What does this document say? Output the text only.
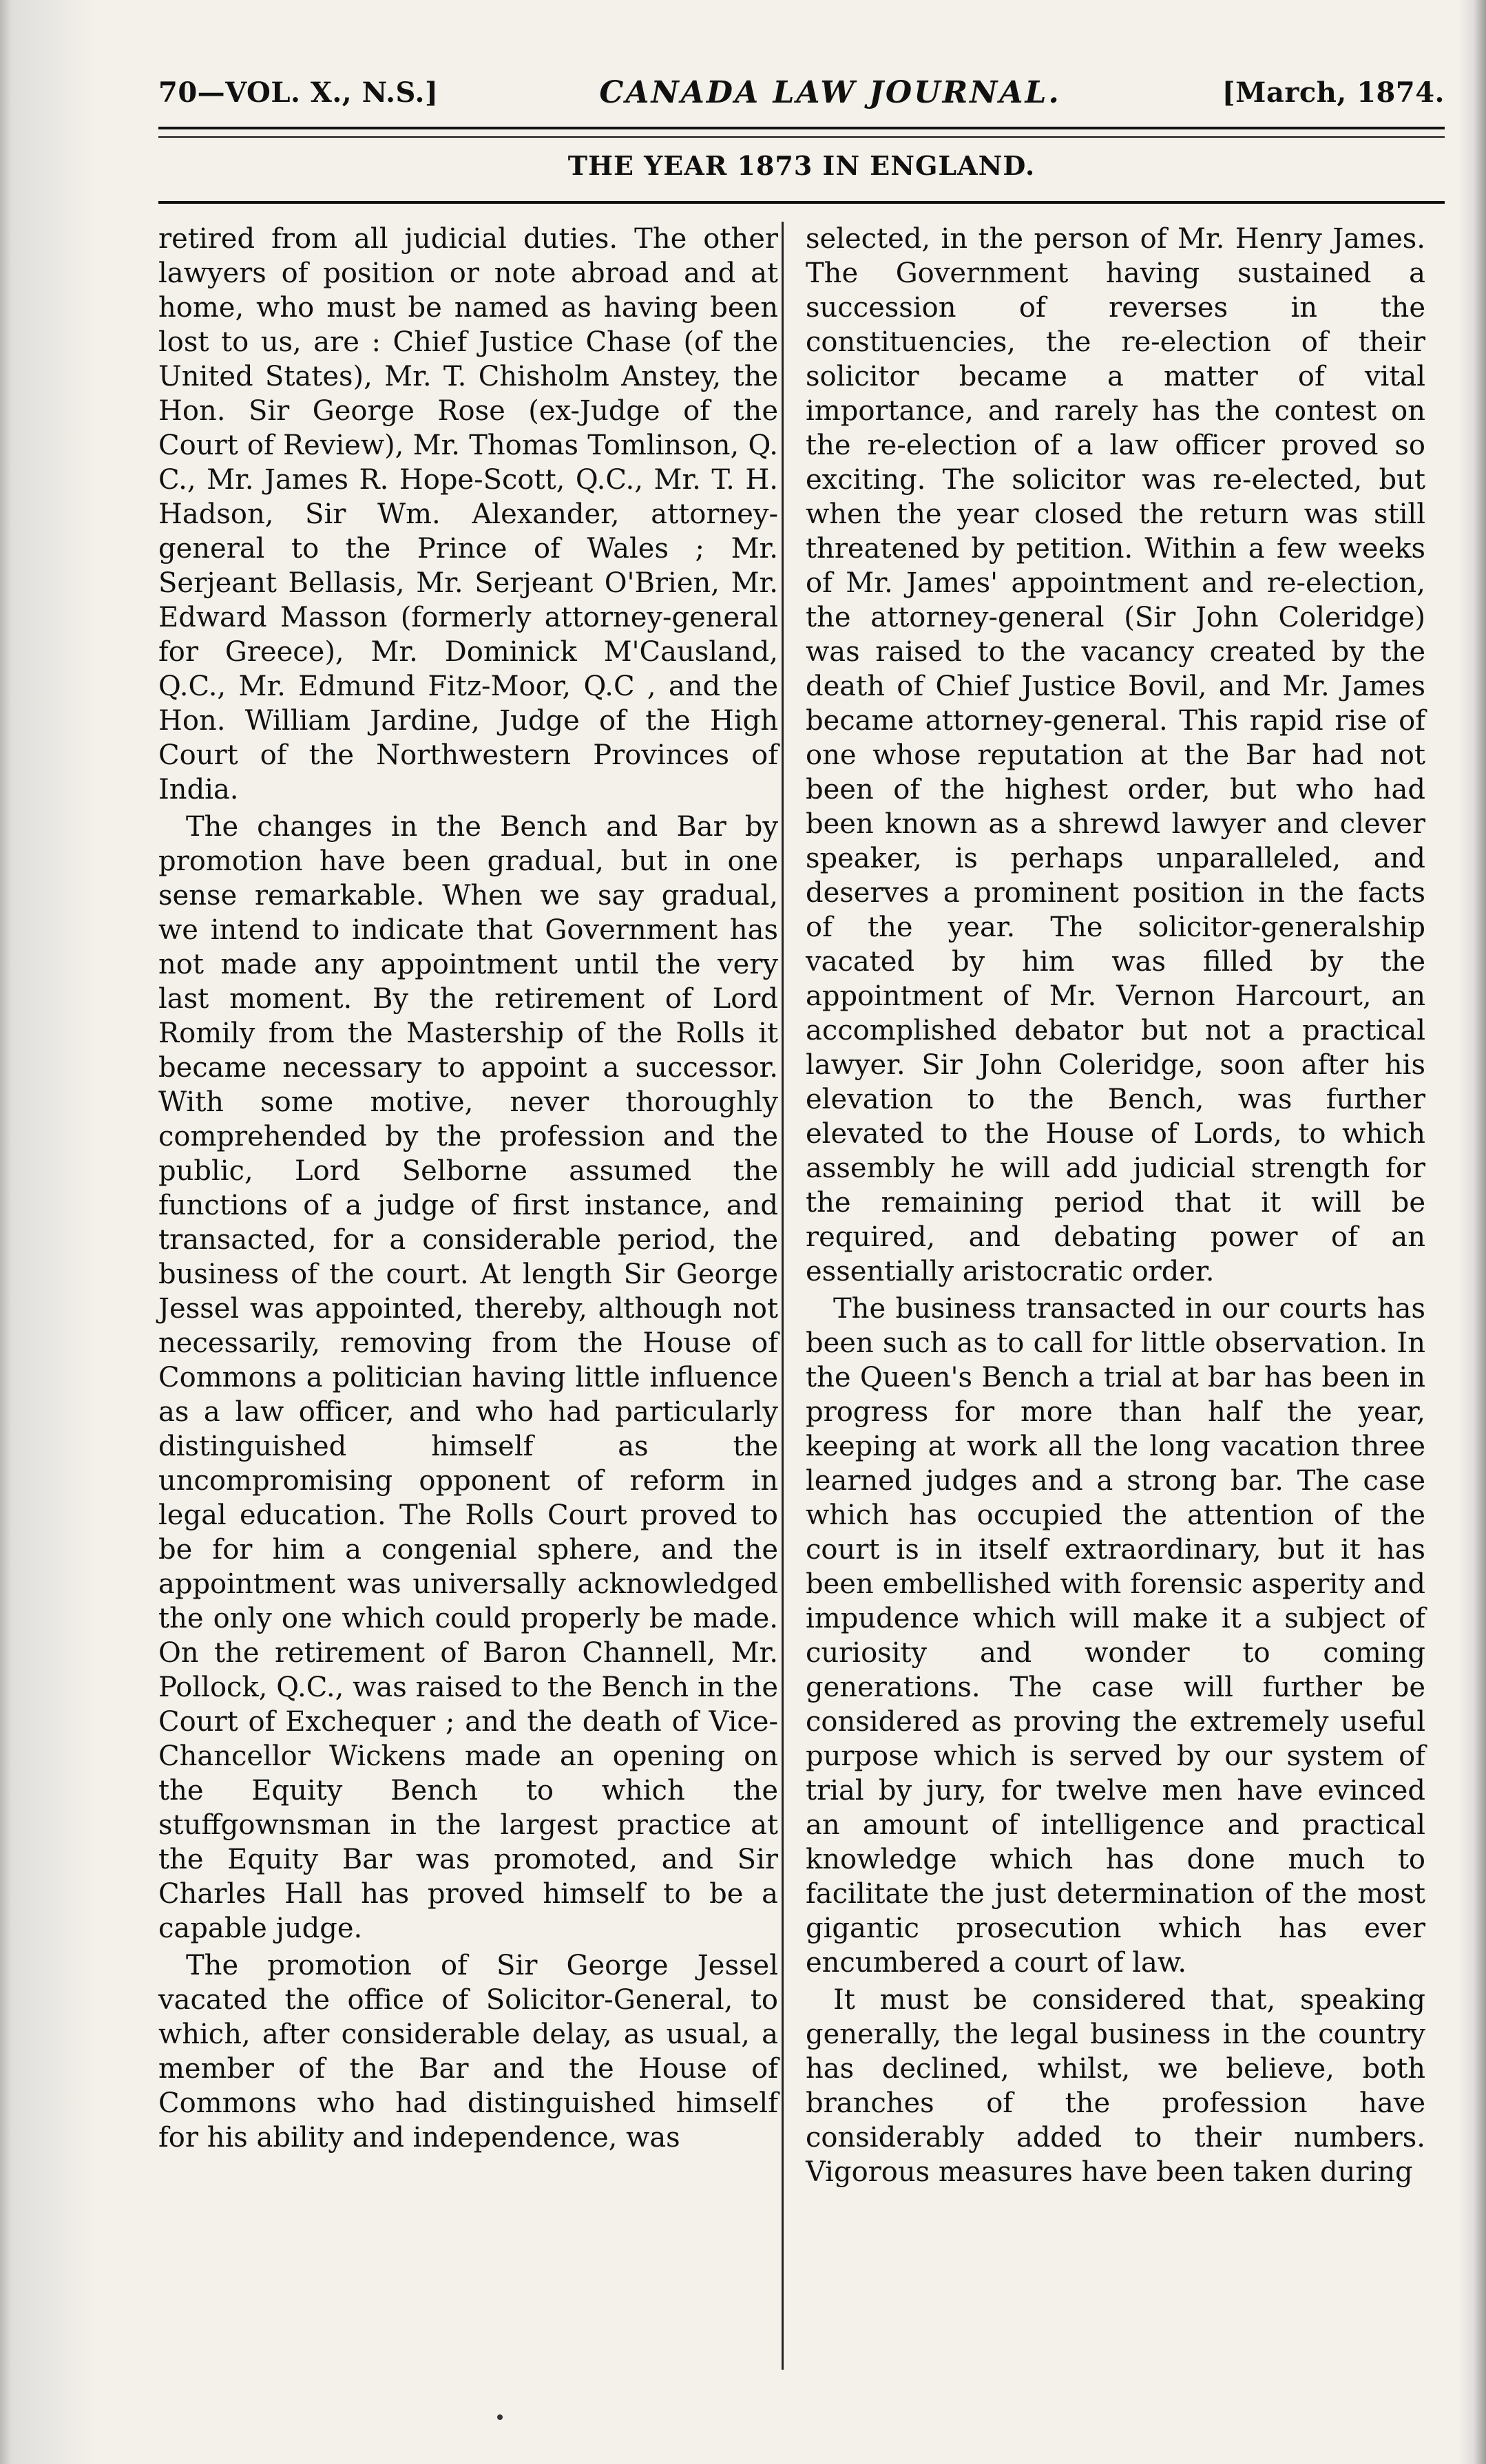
70—VOL. X., N.S.]	CANADA LAW JOURNAL.	[March, 1874.
THE YEAR 1873 IN ENGLAND.

retired from all judicial duties. The other lawyers of position or note abroad and at home, who must be named as having been lost to us, are : Chief Justice Chase (of the United States), Mr. T. Chisholm Anstey, the Hon. Sir George Rose (ex-Judge of the Court of Review), Mr. Thomas Tomlinson, Q. C., Mr. James R. Hope-Scott, Q.C., Mr. T. H. Hadson, Sir Wm. Alexander, attorney-general to the Prince of Wales ; Mr. Serjeant Bellasis, Mr. Serjeant O'Brien, Mr. Edward Masson (formerly attorney-general for Greece), Mr. Dominick M'Causland, Q.C., Mr. Edmund Fitz-Moor, Q.C , and the Hon. William Jardine, Judge of the High Court of the Northwestern Provinces of India.

The changes in the Bench and Bar by promotion have been gradual, but in one sense remarkable. When we say gradual, we intend to indicate that Government has not made any appointment until the very last moment. By the retirement of Lord Romily from the Mastership of the Rolls it became necessary to appoint a successor. With some motive, never thoroughly comprehended by the profession and the public, Lord Selborne assumed the functions of a judge of first instance, and transacted, for a considerable period, the business of the court. At length Sir George Jessel was appointed, thereby, although not necessarily, removing from the House of Commons a politician having little influence as a law officer, and who had particularly distinguished himself as the uncompromising opponent of reform in legal education. The Rolls Court proved to be for him a congenial sphere, and the appointment was universally acknowledged the only one which could properly be made. On the retirement of Baron Channell, Mr. Pollock, Q.C., was raised to the Bench in the Court of Exchequer ; and the death of Vice-Chancellor Wickens made an opening on the Equity Bench to which the stuffgownsman in the largest practice at the Equity Bar was promoted, and Sir Charles Hall has proved himself to be a capable judge.

The promotion of Sir George Jessel vacated the office of Solicitor-General, to which, after considerable delay, as usual, a member of the Bar and the House of Commons who had distinguished himself for his ability and independence, was

selected, in the person of Mr. Henry James. The Government having sustained a succession of reverses in the constituencies, the re-election of their solicitor became a matter of vital importance, and rarely has the contest on the re-election of a law officer proved so exciting. The solicitor was re-elected, but when the year closed the return was still threatened by petition. Within a few weeks of Mr. James' appointment and re-election, the attorney-general (Sir John Coleridge) was raised to the vacancy created by the death of Chief Justice Bovil, and Mr. James became attorney-general. This rapid rise of one whose reputation at the Bar had not been of the highest order, but who had been known as a shrewd lawyer and clever speaker, is perhaps unparalleled, and deserves a prominent position in the facts of the year. The solicitor-generalship vacated by him was filled by the appointment of Mr. Vernon Harcourt, an accomplished debator but not a practical lawyer. Sir John Coleridge, soon after his elevation to the Bench, was further elevated to the House of Lords, to which assembly he will add judicial strength for the remaining period that it will be required, and debating power of an essentially aristocratic order.

The business transacted in our courts has been such as to call for little observation. In the Queen's Bench a trial at bar has been in progress for more than half the year, keeping at work all the long vacation three learned judges and a strong bar. The case which has occupied the attention of the court is in itself extraordinary, but it has been embellished with forensic asperity and impudence which will make it a subject of curiosity and wonder to coming generations. The case will further be considered as proving the extremely useful purpose which is served by our system of trial by jury, for twelve men have evinced an amount of intelligence and practical knowledge which has done much to facilitate the just determination of the most gigantic prosecution which has ever encumbered a court of law.

It must be considered that, speaking generally, the legal business in the country has declined, whilst, we believe, both branches of the profession have considerably added to their numbers. Vigorous measures have been taken during
